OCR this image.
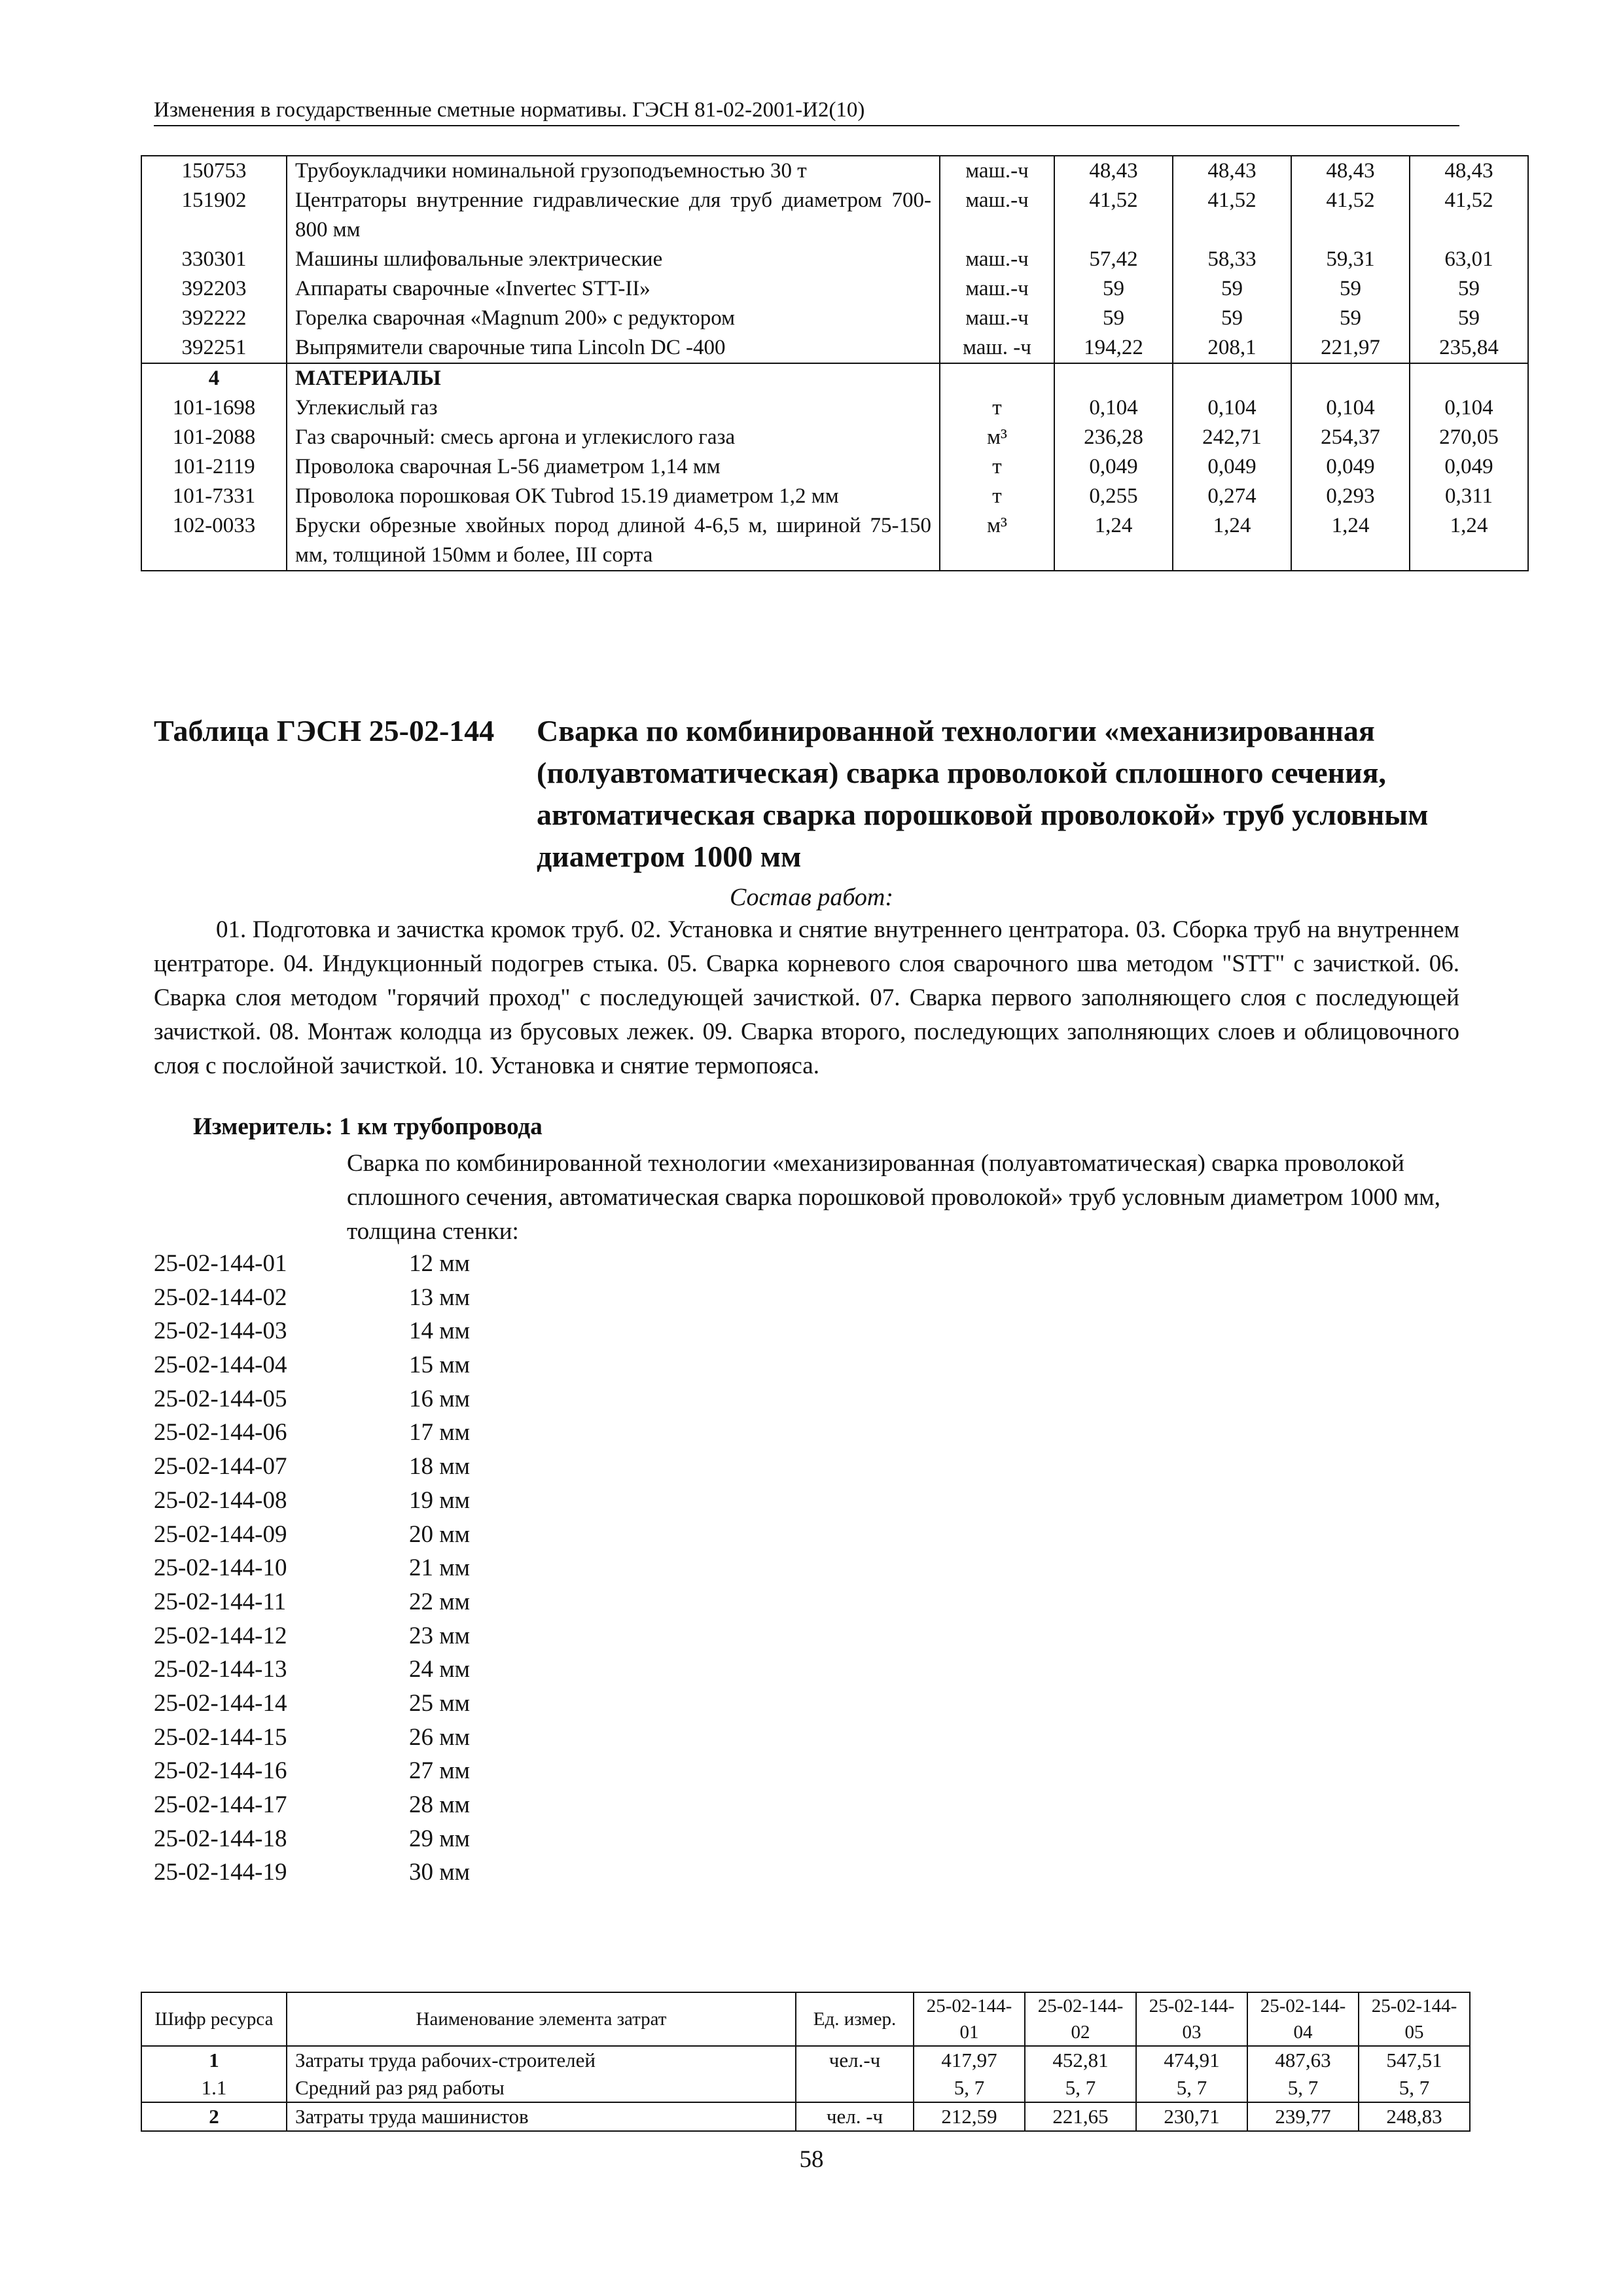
Изменения в государственные сметные нормативы. ГЭСН 81-02-2001-И2(10)
150753	Трубоукладчики номинальной грузоподъемностью 30 т	маш.-ч	48,43	48,43	48,43	48,43
151902	Центраторы внутренние гидравлические для труб диаметром 700-800 мм	маш.-ч	41,52	41,52	41,52	41,52
330301	Машины шлифовальные электрические	маш.-ч	57,42	58,33	59,31	63,01
392203	Аппараты сварочные «Invertec STT-II»	маш.-ч	59	59	59	59
392222	Горелка сварочная «Magnum 200» с редуктором	маш.-ч	59	59	59	59
392251	Выпрямители сварочные типа Lincoln DC -400	маш. -ч	194,22	208,1	221,97	235,84
4	МАТЕРИАЛЫ					
101-1698	Углекислый газ	т	0,104	0,104	0,104	0,104
101-2088	Газ сварочный: смесь аргона и углекислого газа	м³	236,28	242,71	254,37	270,05
101-2119	Проволока сварочная L-56 диаметром 1,14 мм	т	0,049	0,049	0,049	0,049
101-7331	Проволока порошковая OK Tubrod 15.19 диаметром 1,2 мм	т	0,255	0,274	0,293	0,311
102-0033	Бруски обрезные хвойных пород длиной 4-6,5 м, шириной 75-150 мм, толщиной 150мм и более, III сорта	м³	1,24	1,24	1,24	1,24
Таблица ГЭСН 25-02-144 Сварка по комбинированной технологии «механизированная (полуавтоматическая) сварка проволокой сплошного сечения, автоматическая сварка порошковой проволокой» труб условным диаметром 1000 мм
Состав работ:
01. Подготовка и зачистка кромок труб. 02. Установка и снятие внутреннего центратора. 03. Сборка труб на внутреннем центраторе. 04. Индукционный подогрев стыка. 05. Сварка корневого слоя сварочного шва методом "STT" с зачисткой. 06. Сварка слоя методом "горячий проход" с последующей зачисткой. 07. Сварка первого заполняющего слоя с последующей зачисткой. 08. Монтаж колодца из брусовых лежек. 09. Сварка второго, последующих заполняющих слоев и облицовочного слоя с послойной зачисткой. 10. Установка и снятие термопояса.
Измеритель: 1 км трубопровода
Сварка по комбинированной технологии «механизированная (полуавтоматическая) сварка проволокой сплошного сечения, автоматическая сварка порошковой проволокой» труб условным диаметром 1000 мм, толщина стенки:
25-02-144-01	12 мм
25-02-144-02	13 мм
25-02-144-03	14 мм
25-02-144-04	15 мм
25-02-144-05	16 мм
25-02-144-06	17 мм
25-02-144-07	18 мм
25-02-144-08	19 мм
25-02-144-09	20 мм
25-02-144-10	21 мм
25-02-144-11	22 мм
25-02-144-12	23 мм
25-02-144-13	24 мм
25-02-144-14	25 мм
25-02-144-15	26 мм
25-02-144-16	27 мм
25-02-144-17	28 мм
25-02-144-18	29 мм
25-02-144-19	30 мм
Шифр ресурса	Наименование элемента затрат	Ед. измер.	25-02-144-01	25-02-144-02	25-02-144-03	25-02-144-04	25-02-144-05
1	Затраты труда рабочих-строителей	чел.-ч	417,97	452,81	474,91	487,63	547,51
1.1	Средний раз ряд работы		5, 7	5, 7	5, 7	5, 7	5, 7
2	Затраты труда машинистов	чел. -ч	212,59	221,65	230,71	239,77	248,83
58
